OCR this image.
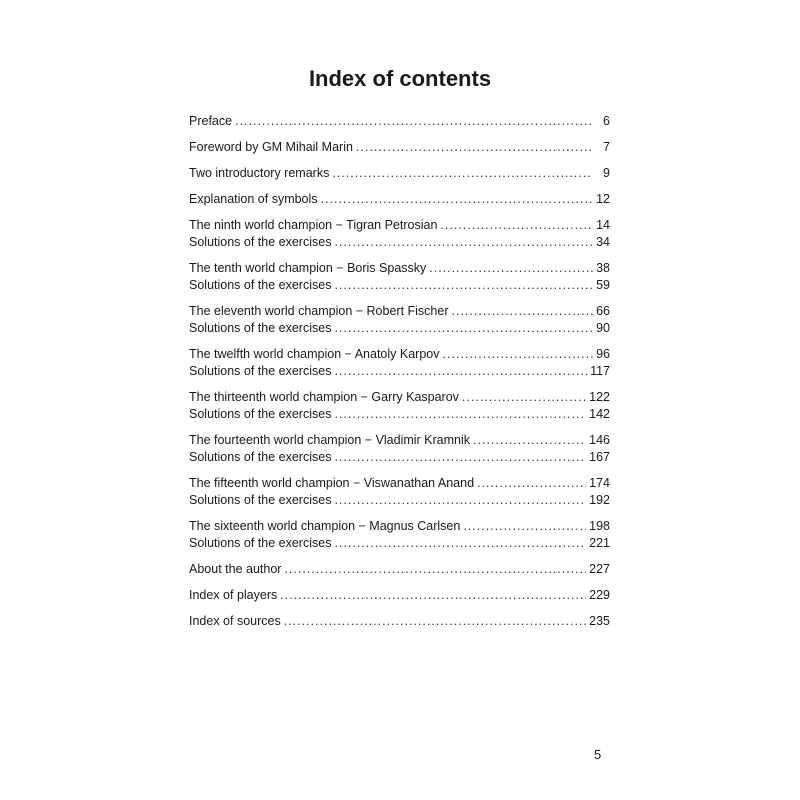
Index of contents
Preface .....	6
Foreword by GM Mihail Marin .....	7
Two introductory remarks .....	9
Explanation of symbols .....	12
The ninth world champion − Tigran Petrosian .....	14
Solutions of the exercises .....	34
The tenth world champion − Boris Spassky .....	38
Solutions of the exercises .....	59
The eleventh world champion − Robert Fischer .....	66
Solutions of the exercises .....	90
The twelfth world champion − Anatoly Karpov .....	96
Solutions of the exercises .....	117
The thirteenth world champion − Garry Kasparov .....	122
Solutions of the exercises .....	142
The fourteenth world champion − Vladimir Kramnik .....	146
Solutions of the exercises .....	167
The fifteenth world champion − Viswanathan Anand .....	174
Solutions of the exercises .....	192
The sixteenth world champion − Magnus Carlsen .....	198
Solutions of the exercises .....	221
About the author .....	227
Index of players .....	229
Index of sources .....	235
5
